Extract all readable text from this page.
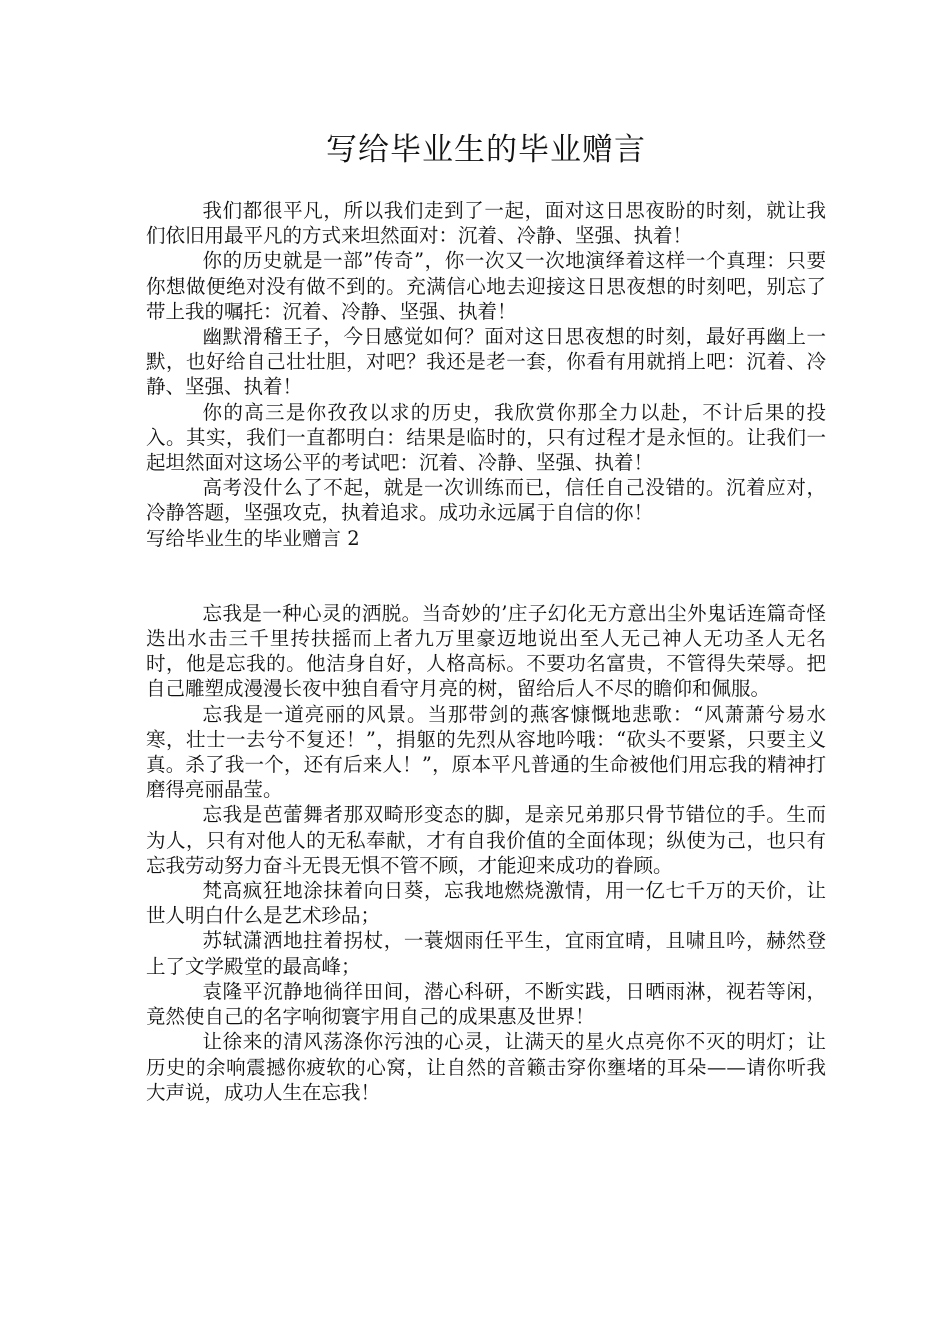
写给毕业生的毕业赠言

我们都很平凡，所以我们走到了一起，面对这日思夜盼的时刻，就让我们依旧用最平凡的方式来坦然面对：沉着、冷静、坚强、执着！

你的历史就是一部”传奇”，你一次又一次地演绎着这样一个真理：只要你想做便绝对没有做不到的。充满信心地去迎接这日思夜想的时刻吧，别忘了带上我的嘱托：沉着、冷静、坚强、执着！

幽默滑稽王子，今日感觉如何？面对这日思夜想的时刻，最好再幽上一默，也好给自己壮壮胆，对吧？我还是老一套，你看有用就捎上吧：沉着、冷静、坚强、执着！

你的高三是你孜孜以求的历史，我欣赏你那全力以赴，不计后果的投入。其实，我们一直都明白：结果是临时的，只有过程才是永恒的。让我们一起坦然面对这场公平的考试吧：沉着、冷静、坚强、执着！

高考没什么了不起，就是一次训练而已，信任自己没错的。沉着应对，冷静答题，坚强攻克，执着追求。成功永远属于自信的你！

写给毕业生的毕业赠言 2

忘我是一种心灵的洒脱。当奇妙的’庄子幻化无方意出尘外鬼话连篇奇怪迭出水击三千里抟扶摇而上者九万里豪迈地说出至人无己神人无功圣人无名时，他是忘我的。他洁身自好，人格高标。不要功名富贵，不管得失荣辱。把自己雕塑成漫漫长夜中独自看守月亮的树，留给后人不尽的瞻仰和佩服。

忘我是一道亮丽的风景。当那带剑的燕客慷慨地悲歌：“风萧萧兮易水寒，壮士一去兮不复还！”，捐躯的先烈从容地吟哦：“砍头不要紧，只要主义真。杀了我一个，还有后来人！”，原本平凡普通的生命被他们用忘我的精神打磨得亮丽晶莹。

忘我是芭蕾舞者那双畸形变态的脚，是亲兄弟那只骨节错位的手。生而为人，只有对他人的无私奉献，才有自我价值的全面体现；纵使为己，也只有忘我劳动努力奋斗无畏无惧不管不顾，才能迎来成功的眷顾。

梵高疯狂地涂抹着向日葵，忘我地燃烧激情，用一亿七千万的天价，让世人明白什么是艺术珍品；

苏轼潇洒地拄着拐杖，一蓑烟雨任平生，宜雨宜晴，且啸且吟，赫然登上了文学殿堂的最高峰；

袁隆平沉静地徜徉田间，潜心科研，不断实践，日晒雨淋，视若等闲，竟然使自己的名字响彻寰宇用自己的成果惠及世界！

让徐来的清风荡涤你污浊的心灵，让满天的星火点亮你不灭的明灯；让历史的余响震撼你疲软的心窝，让自然的音籁击穿你壅堵的耳朵——请你听我大声说，成功人生在忘我！
